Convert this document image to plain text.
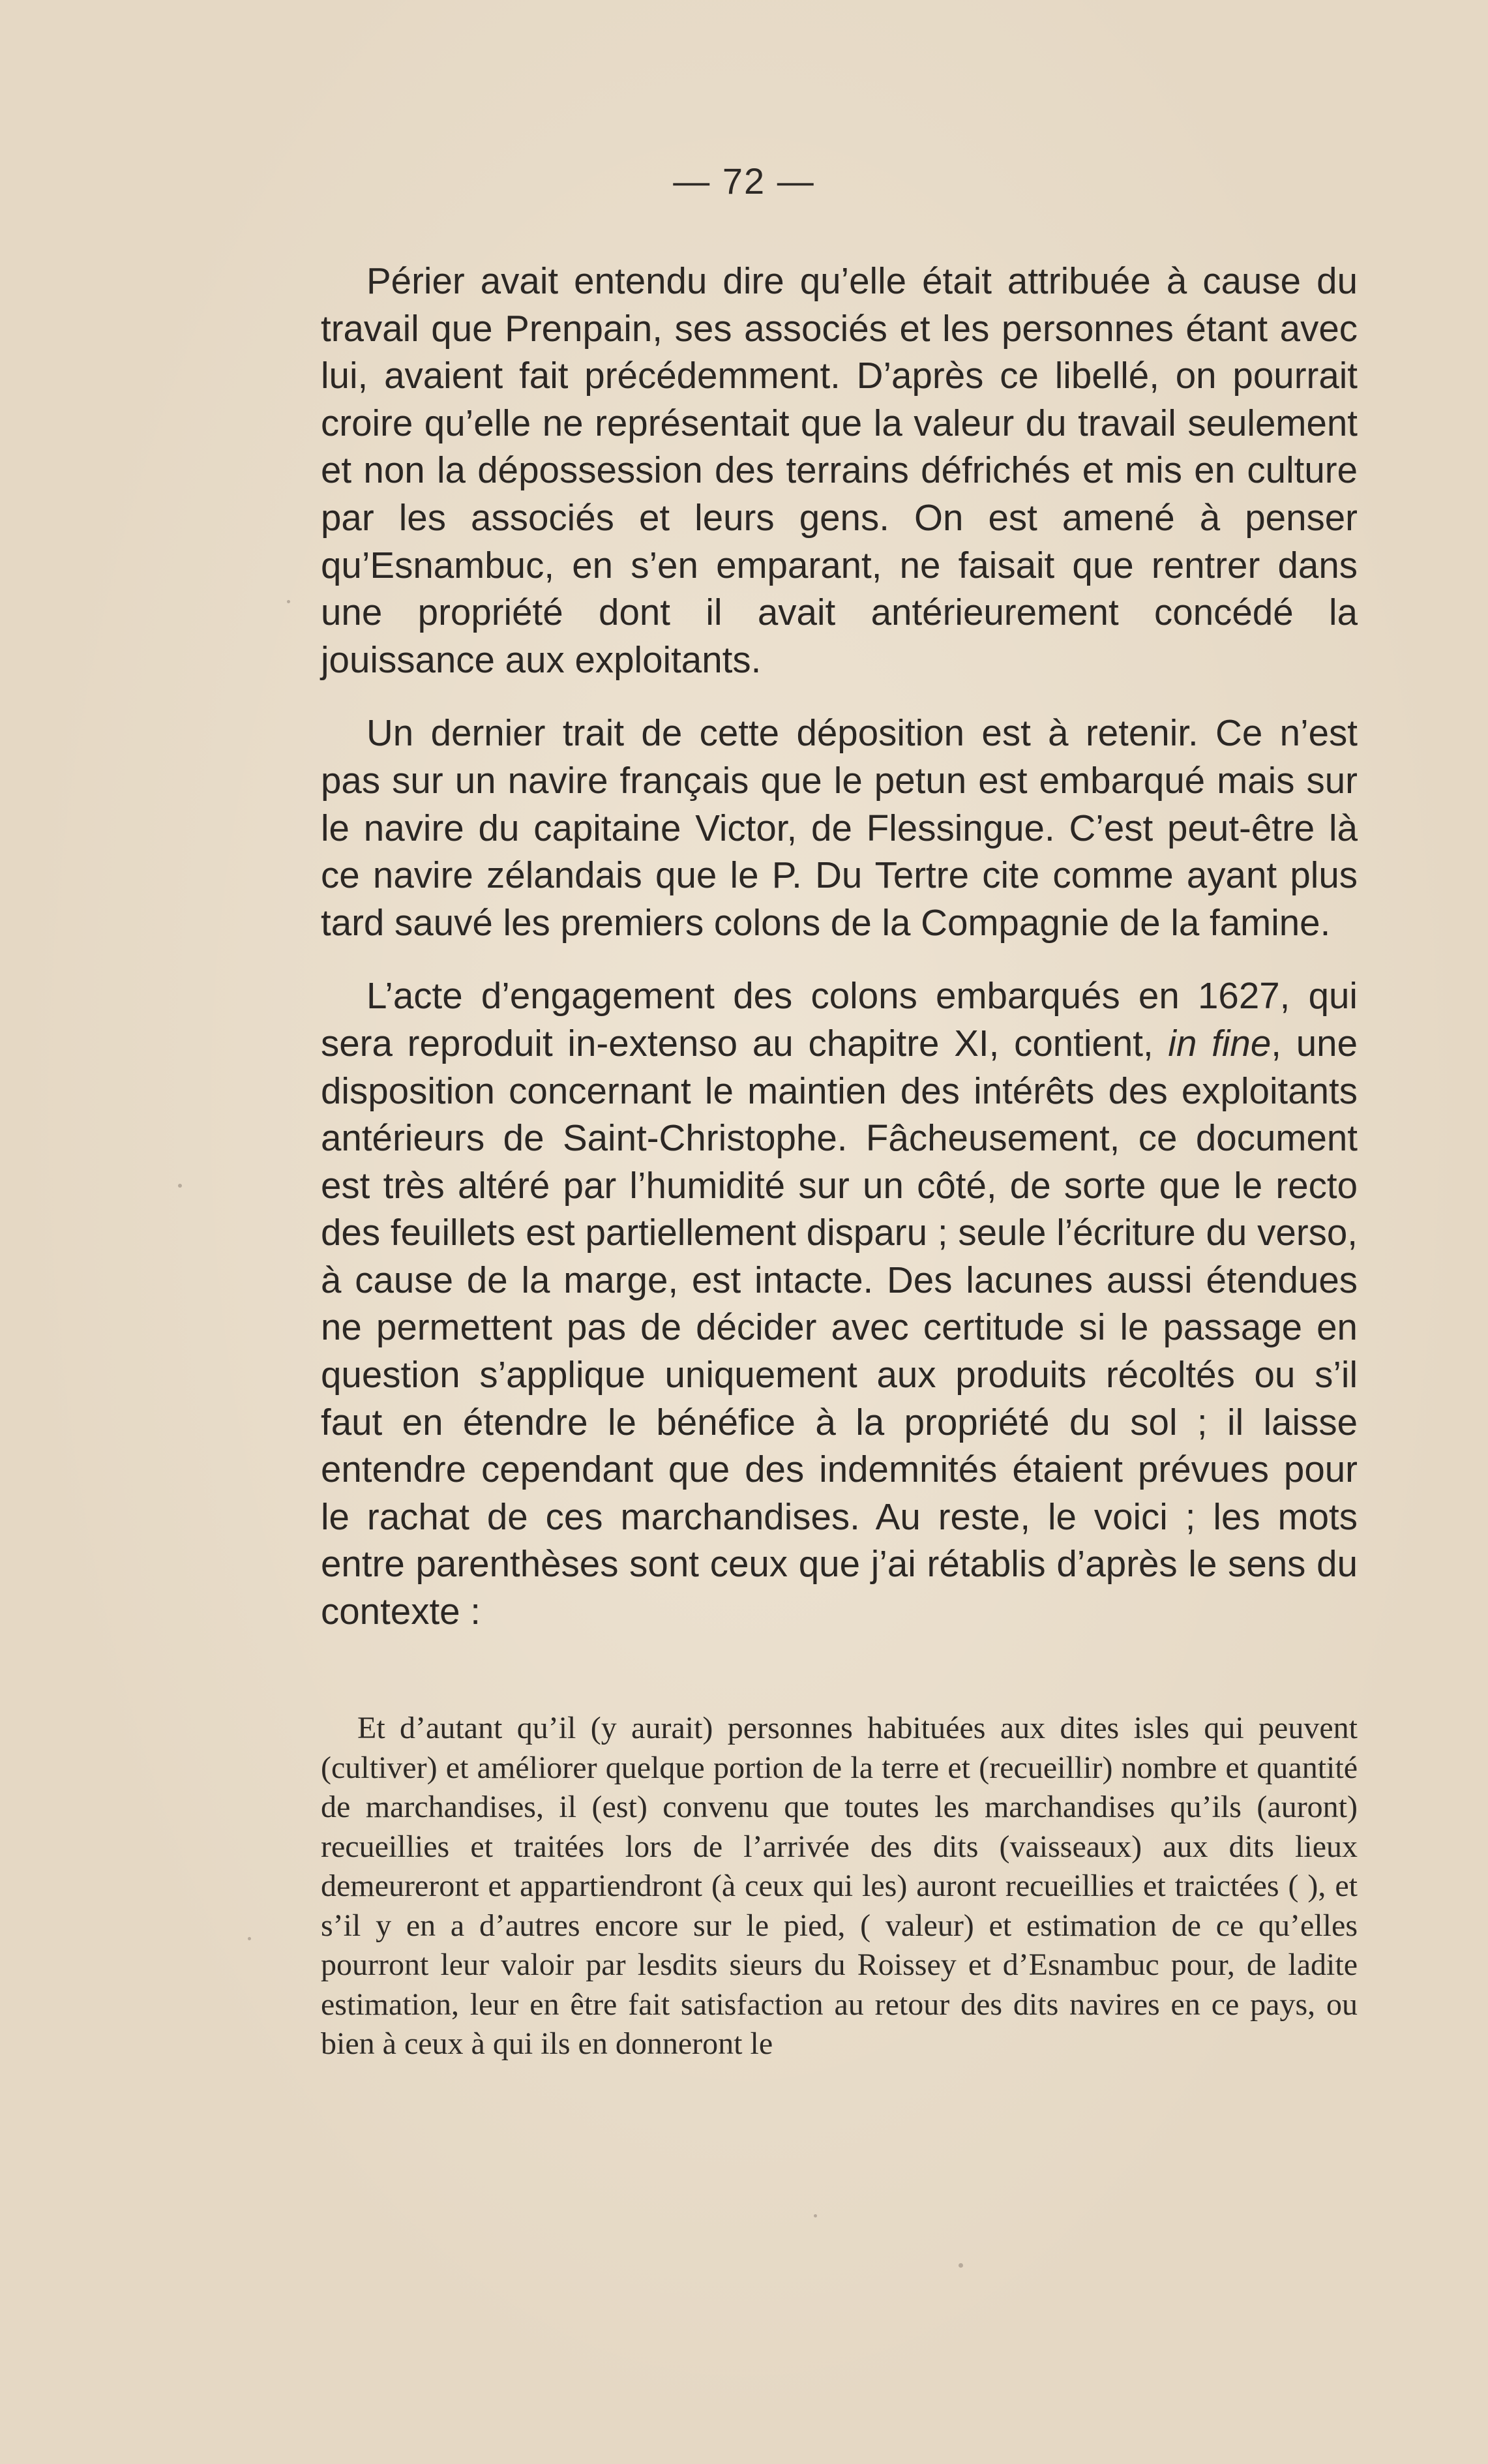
— 72 —

Périer avait entendu dire qu’elle était attribuée à cause du travail que Prenpain, ses associés et les personnes étant avec lui, avaient fait précédemment. D’après ce libellé, on pourrait croire qu’elle ne représentait que la valeur du travail seulement et non la dépossession des terrains défrichés et mis en culture par les associés et leurs gens. On est amené à penser qu’Esnambuc, en s’en emparant, ne faisait que rentrer dans une propriété dont il avait antérieurement concédé la jouissance aux exploitants.

Un dernier trait de cette déposition est à retenir. Ce n’est pas sur un navire français que le petun est embarqué mais sur le navire du capitaine Victor, de Flessingue. C’est peut-être là ce navire zélandais que le P. Du Tertre cite comme ayant plus tard sauvé les premiers colons de la Compagnie de la famine.

L’acte d’engagement des colons embarqués en 1627, qui sera reproduit in-extenso au chapitre XI, contient, in fine, une disposition concernant le maintien des intérêts des exploitants antérieurs de Saint-Christophe. Fâcheusement, ce document est très altéré par l’humidité sur un côté, de sorte que le recto des feuillets est partiellement disparu ; seule l’écriture du verso, à cause de la marge, est intacte. Des lacunes aussi étendues ne permettent pas de décider avec certitude si le passage en question s’applique uniquement aux produits récoltés ou s’il faut en étendre le bénéfice à la propriété du sol ; il laisse entendre cependant que des indemnités étaient prévues pour le rachat de ces marchandises. Au reste, le voici ; les mots entre parenthèses sont ceux que j’ai rétablis d’après le sens du contexte :

Et d’autant qu’il (y aurait) personnes habituées aux dites isles qui peuvent (cultiver) et améliorer quelque portion de la terre et (recueillir) nombre et quantité de marchandises, il (est) convenu que toutes les marchandises qu’ils (auront) recueillies et traitées lors de l’arrivée des dits (vaisseaux) aux dits lieux demeureront et appartiendront (à ceux qui les) auront recueillies et traictées ( ), et s’il y en a d’autres encore sur le pied, ( valeur) et estimation de ce qu’elles pourront leur valoir par lesdits sieurs du Roissey et d’Esnambuc pour, de ladite estimation, leur en être fait satisfaction au retour des dits navires en ce pays, ou bien à ceux à qui ils en donneront le
